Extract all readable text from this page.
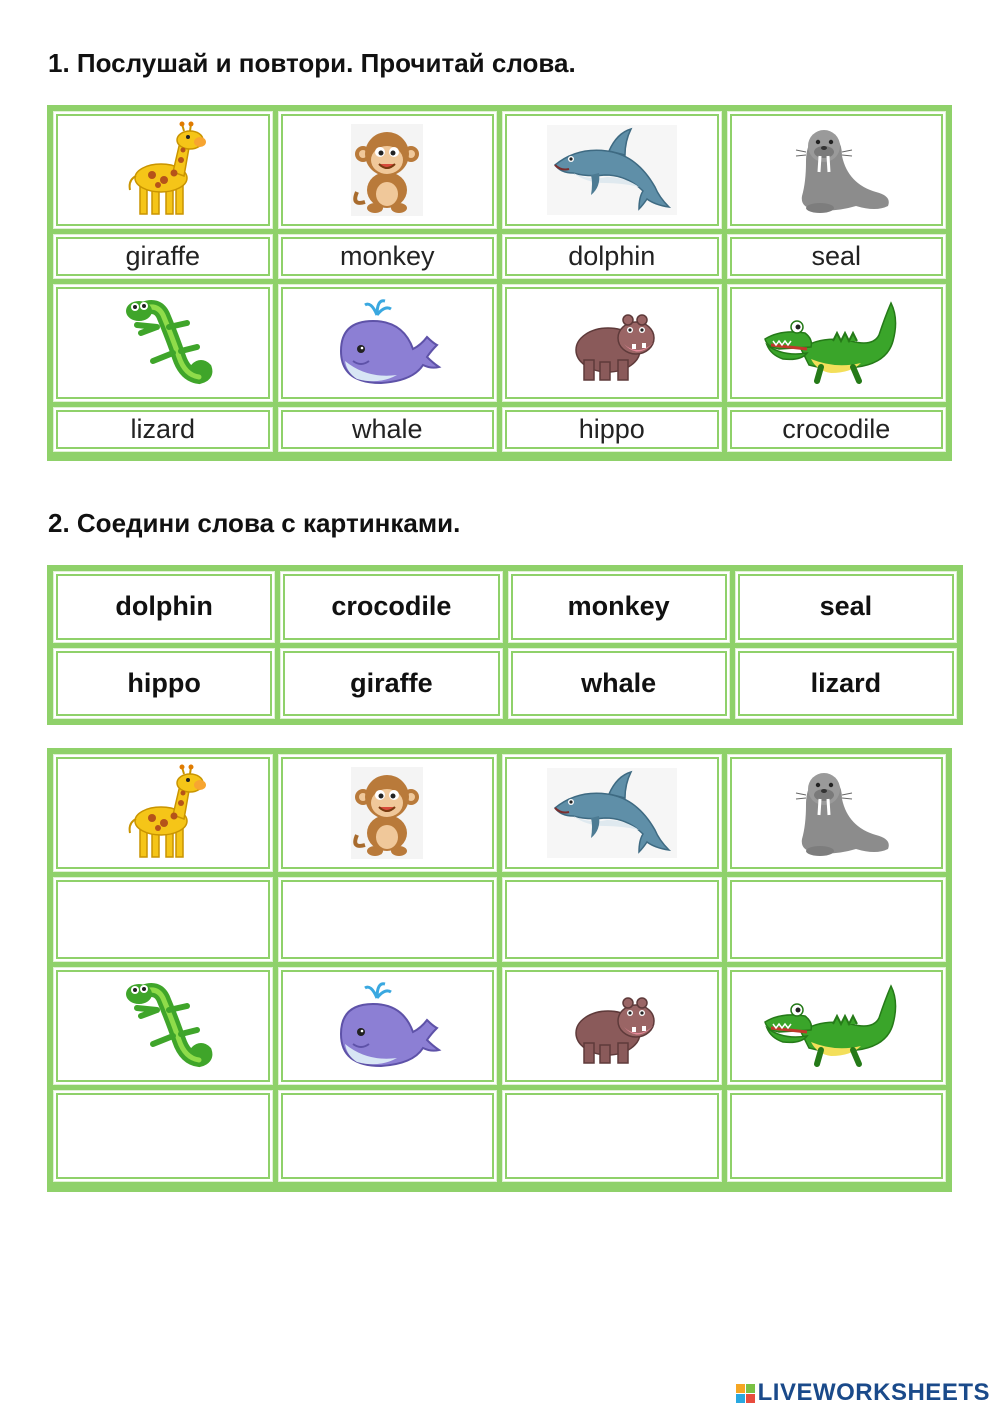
1. Послушай и повтори. Прочитай слова.
giraffe	monkey	dolphin	seal
lizard	whale	hippo	crocodile
2. Соедини слова с картинками.
dolphin	crocodile	monkey	seal
hippo	giraffe	whale	lizard
LIVEWORKSHEETS
